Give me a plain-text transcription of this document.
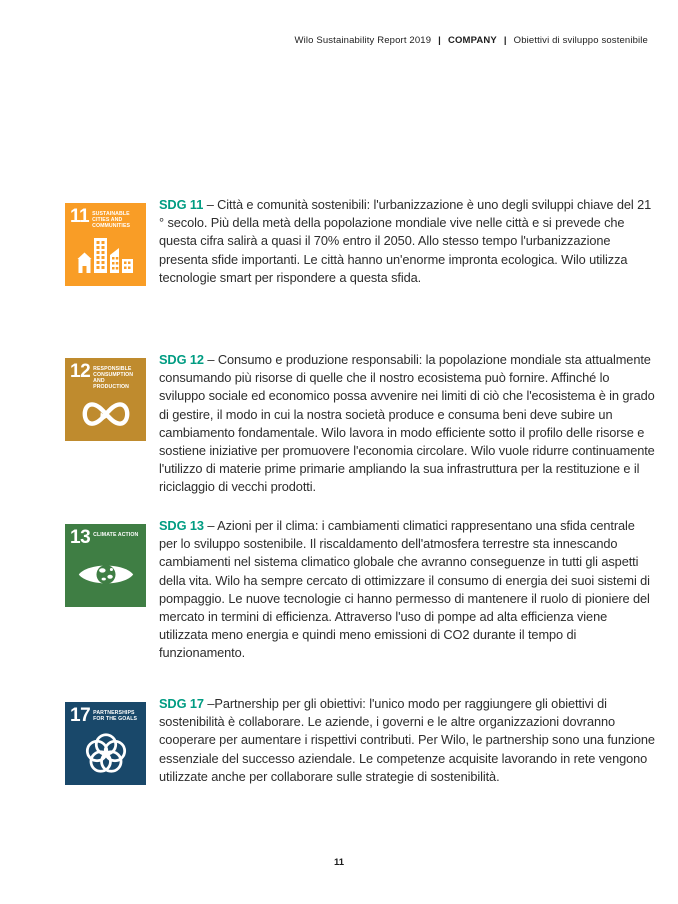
Wilo Sustainability Report 2019 | COMPANY | Obiettivi di sviluppo sostenibile
11 SUSTAINABLE CITIES AND COMMUNITIES
SDG 11 – Città e comunità sostenibili: l'urbanizzazione è uno degli sviluppi chiave del 21 ° secolo. Più della metà della popolazione mondiale vive nelle città e si prevede che questa cifra salirà a quasi il 70% entro il 2050. Allo stesso tempo l'urbanizzazione presenta sfide importanti. Le città hanno un'enorme impronta ecologica. Wilo utilizza tecnologie smart per rispondere a questa sfida.
12 RESPONSIBLE CONSUMPTION AND PRODUCTION
SDG 12 – Consumo e produzione responsabili: la popolazione mondiale sta attualmente consumando più risorse di quelle che il nostro ecosistema può fornire. Affinché lo sviluppo sociale ed economico possa avvenire nei limiti di ciò che l'ecosistema è in grado di gestire, il modo in cui la nostra società produce e consuma beni deve subire un cambiamento fondamentale. Wilo lavora in modo efficiente sotto il profilo delle risorse e sostiene iniziative per promuovere l'economia circolare. Wilo vuole ridurre continuamente l'utilizzo di materie prime primarie ampliando la sua infrastruttura per la restituzione e il riciclaggio di vecchi prodotti.
13 CLIMATE ACTION
SDG 13 – Azioni per il clima: i cambiamenti climatici rappresentano una sfida centrale per lo sviluppo sostenibile. Il riscaldamento dell'atmosfera terrestre sta innescando cambiamenti nel sistema climatico globale che avranno conseguenze in tutti gli aspetti della vita. Wilo ha sempre cercato di ottimizzare il consumo di energia dei suoi sistemi di pompaggio. Le nuove tecnologie ci hanno permesso di mantenere il ruolo di pioniere del mercato in termini di efficienza. Attraverso l'uso di pompe ad alta efficienza viene utilizzata meno energia e quindi meno emissioni di CO2 durante il tempo di funzionamento.
17 PARTNERSHIPS FOR THE GOALS
SDG 17 –Partnership per gli obiettivi: l'unico modo per raggiungere gli obiettivi di sostenibilità è collaborare. Le aziende, i governi e le altre organizzazioni dovranno cooperare per aumentare i rispettivi contributi. Per Wilo, le partnership sono una funzione essenziale del successo aziendale. Le competenze acquisite lavorando in rete vengono utilizzate anche per collaborare sulle strategie di sostenibilità.
11
